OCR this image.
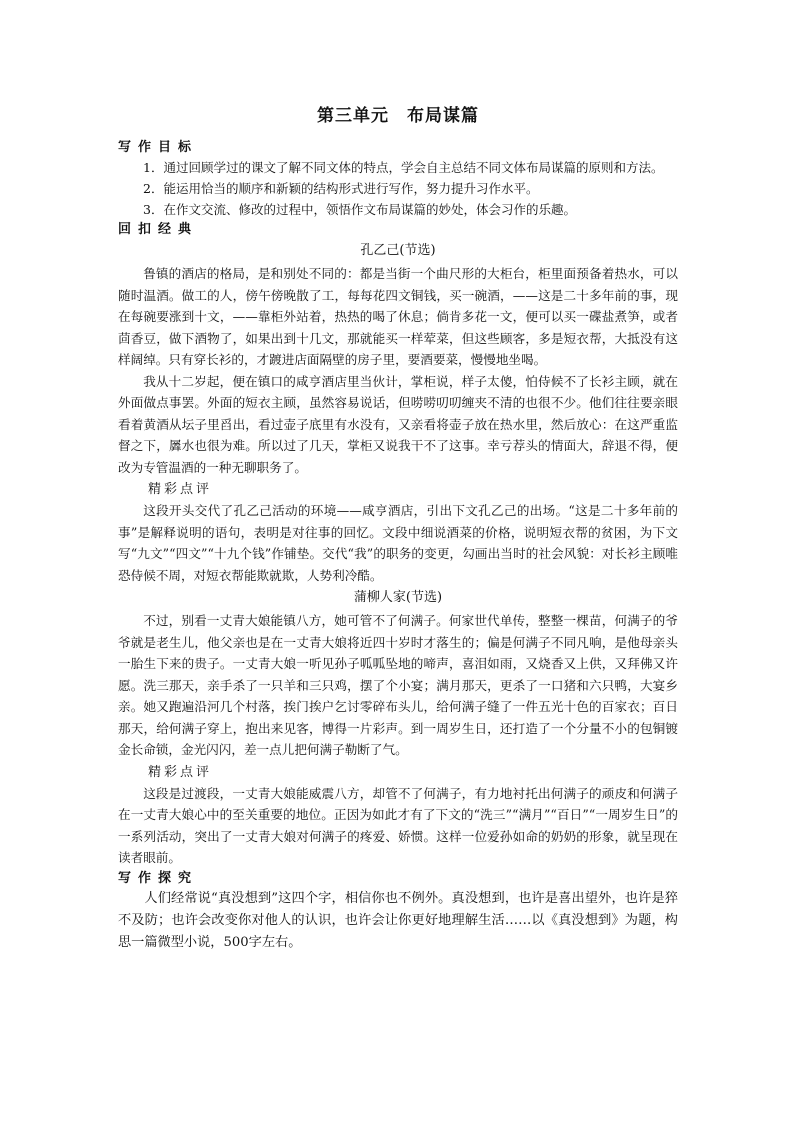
第三单元　布局谋篇
写作目标

1．通过回顾学过的课文了解不同文体的特点，学会自主总结不同文体布局谋篇的原则和方法。

2．能运用恰当的顺序和新颖的结构形式进行写作，努力提升习作水平。

3．在作文交流、修改的过程中，领悟作文布局谋篇的妙处，体会习作的乐趣。

回扣经典
孔乙己(节选)

鲁镇的酒店的格局，是和别处不同的：都是当街一个曲尺形的大柜台，柜里面预备着热水，可以随时温酒。做工的人，傍午傍晚散了工，每每花四文铜钱，买一碗酒，——这是二十多年前的事，现在每碗要涨到十文，——靠柜外站着，热热的喝了休息；倘肯多花一文，便可以买一碟盐煮笋，或者茴香豆，做下酒物了，如果出到十几文，那就能买一样荤菜，但这些顾客，多是短衣帮，大抵没有这样阔绰。只有穿长衫的，才踱进店面隔壁的房子里，要酒要菜，慢慢地坐喝。

我从十二岁起，便在镇口的咸亨酒店里当伙计，掌柜说，样子太傻，怕侍候不了长衫主顾，就在外面做点事罢。外面的短衣主顾，虽然容易说话，但唠唠叨叨缠夹不清的也很不少。他们往往要亲眼看着黄酒从坛子里舀出，看过壶子底里有水没有，又亲看将壶子放在热水里，然后放心：在这严重监督之下，羼水也很为难。所以过了几天，掌柜又说我干不了这事。幸亏荐头的情面大，辞退不得，便改为专管温酒的一种无聊职务了。

精彩点评

这段开头交代了孔乙己活动的环境——咸亨酒店，引出下文孔乙己的出场。“这是二十多年前的事”是解释说明的语句，表明是对往事的回忆。文段中细说酒菜的价格，说明短衣帮的贫困，为下文写“九文”“四文”“十九个钱”作铺垫。交代“我”的职务的变更，勾画出当时的社会风貌：对长衫主顾唯恐侍候不周，对短衣帮能欺就欺，人势利冷酷。

蒲柳人家(节选)

不过，别看一丈青大娘能镇八方，她可管不了何满子。何家世代单传，整整一棵苗，何满子的爷爷就是老生儿，他父亲也是在一丈青大娘将近四十岁时才落生的；偏是何满子不同凡响，是他母亲头一胎生下来的贵子。一丈青大娘一听见孙子呱呱坠地的啼声，喜泪如雨，又烧香又上供，又拜佛又许愿。洗三那天，亲手杀了一只羊和三只鸡，摆了个小宴；满月那天，更杀了一口猪和六只鸭，大宴乡亲。她又跑遍沿河几个村落，挨门挨户乞讨零碎布头儿，给何满子缝了一件五光十色的百家衣；百日那天，给何满子穿上，抱出来见客，博得一片彩声。到一周岁生日，还打造了一个分量不小的包铜镀金长命锁，金光闪闪，差一点儿把何满子勒断了气。

精彩点评

这段是过渡段，一丈青大娘能威震八方，却管不了何满子，有力地衬托出何满子的顽皮和何满子在一丈青大娘心中的至关重要的地位。正因为如此才有了下文的“洗三”“满月”“百日”“一周岁生日”的一系列活动，突出了一丈青大娘对何满子的疼爱、娇惯。这样一位爱孙如命的奶奶的形象，就呈现在读者眼前。

写作探究

人们经常说“真没想到”这四个字，相信你也不例外。真没想到，也许是喜出望外，也许是猝不及防；也许会改变你对他人的认识，也许会让你更好地理解生活……以《真没想到》为题，构思一篇微型小说，500字左右。
